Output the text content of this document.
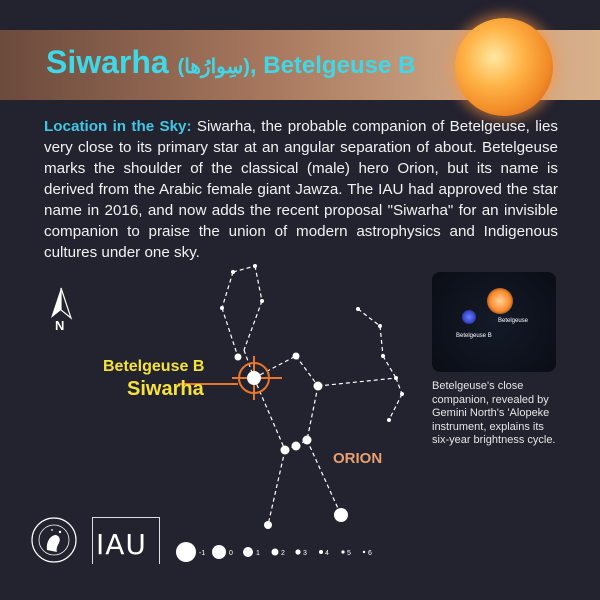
Siwarha (سِوارُها), Betelgeuse B
Location in the Sky: Siwarha, the probable companion of Betelgeuse, lies very close to its primary star at an angular separation of about. Betelgeuse marks the shoulder of the classical (male) hero Orion, but its name is derived from the Arabic female giant Jawza. The IAU had approved the star name in 2016, and now adds the recent proposal "Siwarha" for an invisible companion to praise the union of modern astrophysics and Indigenous cultures under one sky.
N
Betelgeuse B
Siwarha
ORION
Betelgeuse
Betelgeuse B
Betelgeuse's close companion, revealed by Gemini North's 'Alopeke instrument, explains its six-year brightness cycle.
IAU	-1	0	1	2	3	4	5 6
